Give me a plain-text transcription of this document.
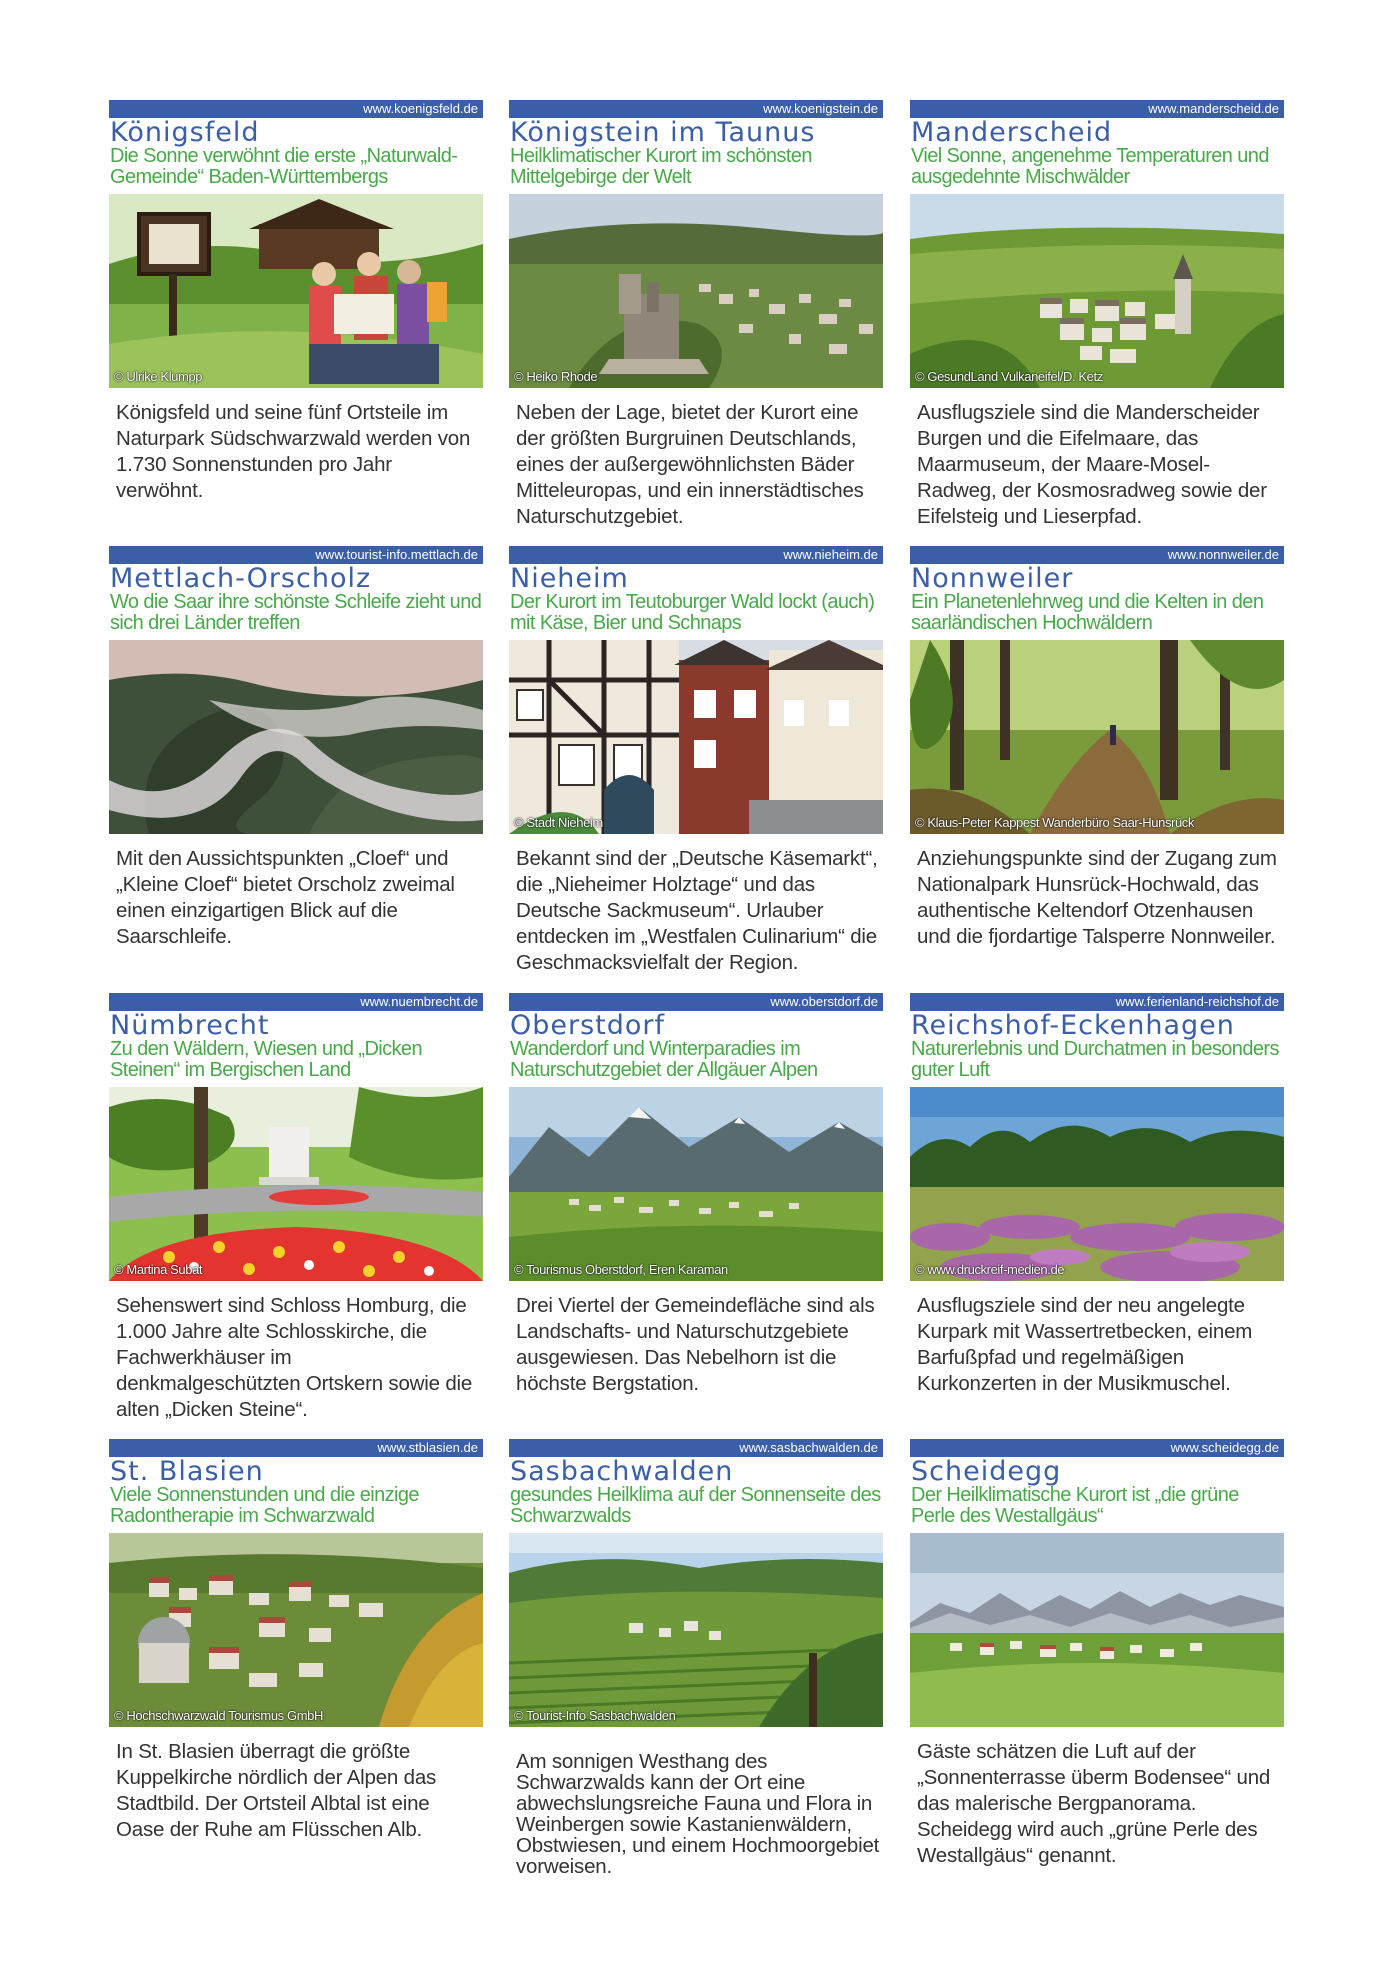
www.koenigsfeld.de
Königsfeld
Die Sonne verwöhnt die erste „Naturwald-Gemeinde“ Baden-Württembergs
© Ulrike Klumpp
Königsfeld und seine fünf Ortsteile im Naturpark Südschwarzwald werden von 1.730 Sonnenstunden pro Jahr verwöhnt.
www.koenigstein.de
Königstein im Taunus
Heilklimatischer Kurort im schönsten Mittelgebirge der Welt
© Heiko Rhode
Neben der Lage, bietet der Kurort eine der größten Burgruinen Deutschlands, eines der außergewöhnlichsten Bäder Mitteleuropas, und ein innerstädtisches Naturschutzgebiet.
www.manderscheid.de
Manderscheid
Viel Sonne, angenehme Temperaturen und ausgedehnte Mischwälder
© GesundLand Vulkaneifel/D. Ketz
Ausflugsziele sind die Manderscheider Burgen und die Eifelmaare, das Maarmuseum, der Maare-Mosel-Radweg, der Kosmosradweg sowie der Eifelsteig und Lieserpfad.
www.tourist-info.mettlach.de
Mettlach-Orscholz
Wo die Saar ihre schönste Schleife zieht und sich drei Länder treffen
Mit den Aussichtspunkten „Cloef“ und „Kleine Cloef“ bietet Orscholz zweimal einen einzigartigen Blick auf die Saarschleife.
www.nieheim.de
Nieheim
Der Kurort im Teutoburger Wald lockt (auch) mit Käse, Bier und Schnaps
© Stadt Nieheim
Bekannt sind der „Deutsche Käsemarkt“, die „Nieheimer Holztage“ und das Deutsche Sackmuseum“. Urlauber entdecken im „Westfalen Culinarium“ die Geschmacksvielfalt der Region.
www.nonnweiler.de
Nonnweiler
Ein Planetenlehrweg und die Kelten in den saarländischen Hochwäldern
© Klaus-Peter Kappest Wanderbüro Saar-Hunsrück
Anziehungspunkte sind der Zugang zum Nationalpark Hunsrück-Hochwald, das authentische Keltendorf Otzenhausen und die fjordartige Talsperre Nonnweiler.
www.nuembrecht.de
Nümbrecht
Zu den Wäldern, Wiesen und „Dicken Steinen“ im Bergischen Land
© Martina Subat
Sehenswert sind Schloss Homburg, die 1.000 Jahre alte Schlosskirche, die Fachwerkhäuser im denkmalgeschützten Ortskern sowie die alten „Dicken Steine“.
www.oberstdorf.de
Oberstdorf
Wanderdorf und Winterparadies im Naturschutzgebiet der Allgäuer Alpen
© Tourismus Oberstdorf, Eren Karaman
Drei Viertel der Gemeindefläche sind als Landschafts- und Naturschutzgebiete ausgewiesen. Das Nebelhorn ist die höchste Bergstation.
www.ferienland-reichshof.de
Reichshof-Eckenhagen
Naturerlebnis und Durchatmen in besonders guter Luft
© www.druckreif-medien.de
Ausflugsziele sind der neu angelegte Kurpark mit Wassertretbecken, einem Barfußpfad und regelmäßigen Kurkonzerten in der Musikmuschel.
www.stblasien.de
St. Blasien
Viele Sonnenstunden und die einzige Radontherapie im Schwarzwald
© Hochschwarzwald Tourismus GmbH
In St. Blasien überragt die größte Kuppelkirche nördlich der Alpen das Stadtbild. Der Ortsteil Albtal ist eine Oase der Ruhe am Flüsschen Alb.
www.sasbachwalden.de
Sasbachwalden
gesundes Heilklima auf der Sonnenseite des Schwarzwalds
© Tourist-Info Sasbachwalden
Am sonnigen Westhang des Schwarzwalds kann der Ort eine abwechslungsreiche Fauna und Flora in Weinbergen sowie Kastanienwäldern, Obstwiesen, und einem Hochmoorgebiet vorweisen.
www.scheidegg.de
Scheidegg
Der Heilklimatische Kurort ist „die grüne Perle des Westallgäus“
Gäste schätzen die Luft auf der „Sonnenterrasse überm Bodensee“ und das malerische Bergpanorama. Scheidegg wird auch „grüne Perle des Westallgäus“ genannt.
